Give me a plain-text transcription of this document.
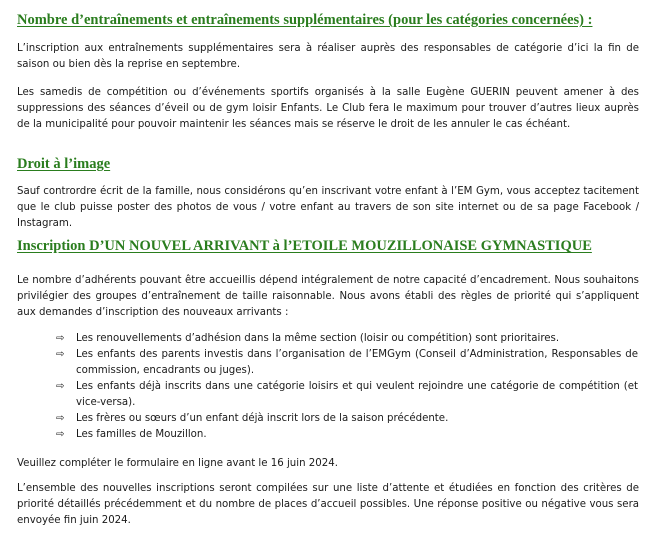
Nombre d’entraînements et entraînements supplémentaires (pour les catégories concernées) :

L’inscription aux entraînements supplémentaires sera à réaliser auprès des responsables de catégorie d’ici la fin de saison ou bien dès la reprise en septembre.

Les samedis de compétition ou d’événements sportifs organisés à la salle Eugène GUERIN peuvent amener à des suppressions des séances d’éveil ou de gym loisir Enfants. Le Club fera le maximum pour trouver d’autres lieux auprès de la municipalité pour pouvoir maintenir les séances mais se réserve le droit de les annuler le cas échéant.

Droit à l’image

Sauf contrordre écrit de la famille, nous considérons qu’en inscrivant votre enfant à l’EM Gym, vous acceptez tacitement que le club puisse poster des photos de vous / votre enfant au travers de son site internet ou de sa page Facebook / Instagram.

Inscription D’UN NOUVEL ARRIVANT à l’ETOILE MOUZILLONAISE GYMNASTIQUE

Le nombre d’adhérents pouvant être accueillis dépend intégralement de notre capacité d’encadrement. Nous souhaitons privilégier des groupes d’entraînement de taille raisonnable. Nous avons établi des règles de priorité qui s’appliquent aux demandes d’inscription des nouveaux arrivants :

⇨ Les renouvellements d’adhésion dans la même section (loisir ou compétition) sont prioritaires.
⇨ Les enfants des parents investis dans l’organisation de l’EMGym (Conseil d’Administration, Responsables de commission, encadrants ou juges).
⇨ Les enfants déjà inscrits dans une catégorie loisirs et qui veulent rejoindre une catégorie de compétition (et vice-versa).
⇨ Les frères ou sœurs d’un enfant déjà inscrit lors de la saison précédente.
⇨ Les familles de Mouzillon.

Veuillez compléter le formulaire en ligne avant le 16 juin 2024.

L’ensemble des nouvelles inscriptions seront compilées sur une liste d’attente et étudiées en fonction des critères de priorité détaillés précédemment et du nombre de places d’accueil possibles. Une réponse positive ou négative vous sera envoyée fin juin 2024.
